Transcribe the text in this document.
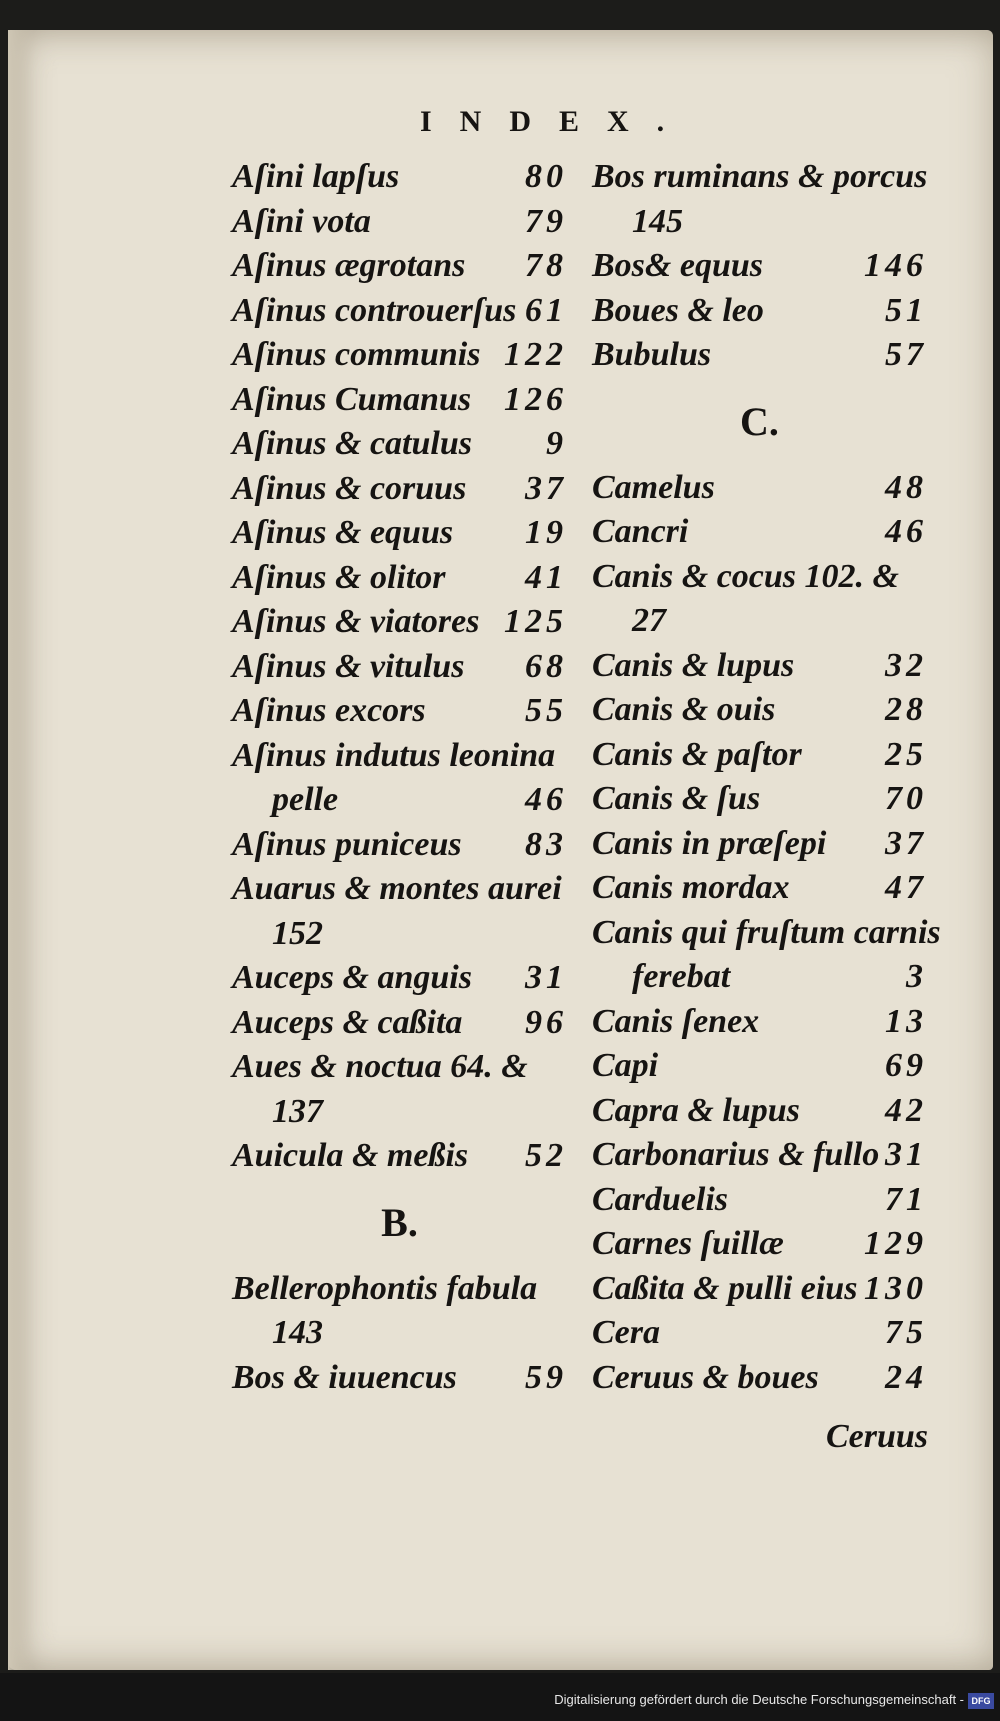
INDEX.
Aſini lapſus	80
Aſini vota	79
Aſinus ægrotans 78
Aſinus controuerſus 61
Aſinus communis 122
Aſinus Cumanus 126
Aſinus & catulus 9
Aſinus & coruus 37
Aſinus & equus 19
Aſinus & olitor 41
Aſinus & viatores 125
Aſinus & vitulus 68
Aſinus excors	55
Aſinus indutus leonina
pelle	46
Aſinus puniceus 83
Auarus & montes aurei
152
Auceps & anguis 31
Auceps & caßita 96
Aues & noctua 64. &
137
Auicula & meßis 52
B.
Bellerophontis fabula
143
Bos & iuuencus 59
Bos ruminans & porcus
145
Bos& equus	146
Boues & leo	51
Bubulus	57
C.
Camelus	48
Cancri	46
Canis & cocus 102. &
27
Canis & lupus	32
Canis & ouis	28
Canis & paſtor 25
Canis & ſus	70
Canis in præſepi 37
Canis mordax	47
Canis qui fruſtum carnis
ferebat	3
Canis ſenex	13
Capi	69
Capra & lupus	42
Carbonarius & fullo 31
Carduelis	71
Carnes ſuillæ 129
Caßita & pulli eius 130
Cera	75
Ceruus & boues 24
Ceruus
Digitalisierung gefördert durch die Deutsche Forschungsgemeinschaft - DFG
